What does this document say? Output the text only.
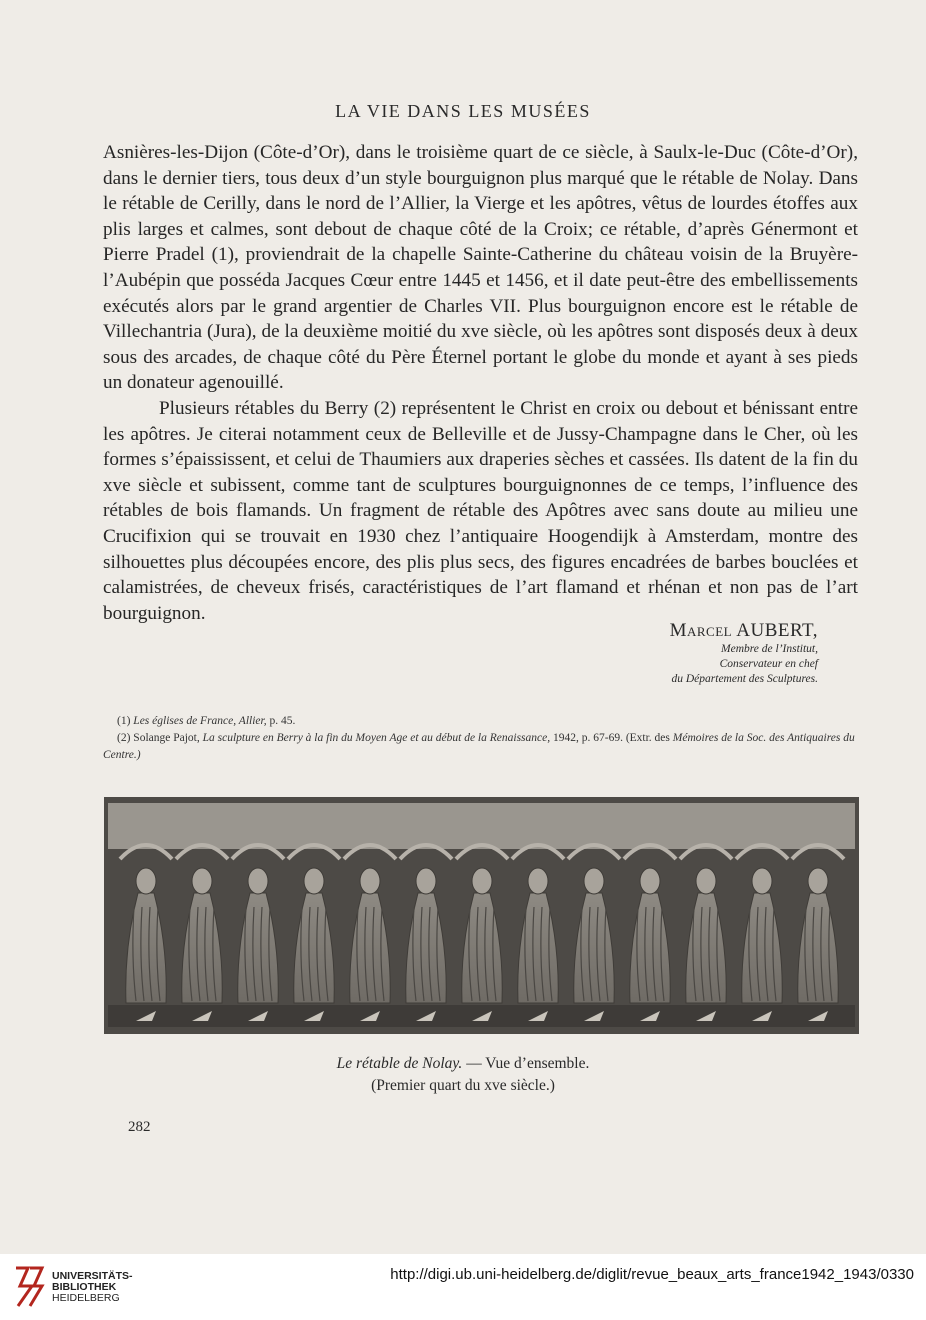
LA VIE DANS LES MUSÉES

Asnières-les-Dijon (Côte-d’Or), dans le troisième quart de ce siècle, à Saulx-le-Duc (Côte-d’Or), dans le dernier tiers, tous deux d’un style bourguignon plus marqué que le rétable de Nolay. Dans le rétable de Cerilly, dans le nord de l’Allier, la Vierge et les apôtres, vêtus de lourdes étoffes aux plis larges et calmes, sont debout de chaque côté de la Croix; ce rétable, d’après Génermont et Pierre Pradel (1), proviendrait de la chapelle Sainte-Catherine du château voisin de la Bruyère-l’Aubépin que posséda Jacques Cœur entre 1445 et 1456, et il date peut-être des embellissements exécutés alors par le grand argentier de Charles VII. Plus bourguignon encore est le rétable de Villechantria (Jura), de la deuxième moitié du xve siècle, où les apôtres sont disposés deux à deux sous des arcades, de chaque côté du Père Éternel portant le globe du monde et ayant à ses pieds un donateur agenouillé.

Plusieurs rétables du Berry (2) représentent le Christ en croix ou debout et bénissant entre les apôtres. Je citerai notamment ceux de Belleville et de Jussy-Champagne dans le Cher, où les formes s’épaississent, et celui de Thaumiers aux draperies sèches et cassées. Ils datent de la fin du xve siècle et subissent, comme tant de sculptures bourguignonnes de ce temps, l’influence des rétables de bois flamands. Un fragment de rétable des Apôtres avec sans doute au milieu une Crucifixion qui se trouvait en 1930 chez l’antiquaire Hoogendijk à Amsterdam, montre des silhouettes plus découpées encore, des plis plus secs, des figures encadrées de barbes bouclées et calamistrées, de cheveux frisés, caractéristiques de l’art flamand et rhénan et non pas de l’art bourguignon.

Marcel AUBERT,
Membre de l’Institut,
Conservateur en chef
du Département des Sculptures.

(1) Les églises de France, Allier, p. 45.

(2) Solange Pajot, La sculpture en Berry à la fin du Moyen Age et au début de la Renaissance, 1942, p. 67-69. (Extr. des Mémoires de la Soc. des Antiquaires du Centre.)

Le rétable de Nolay. — Vue d’ensemble.
(Premier quart du xve siècle.)
282
UNIVERSITÄTS-
BIBLIOTHEK
HEIDELBERG
http://digi.ub.uni-heidelberg.de/diglit/revue_beaux_arts_france1942_1943/0330
